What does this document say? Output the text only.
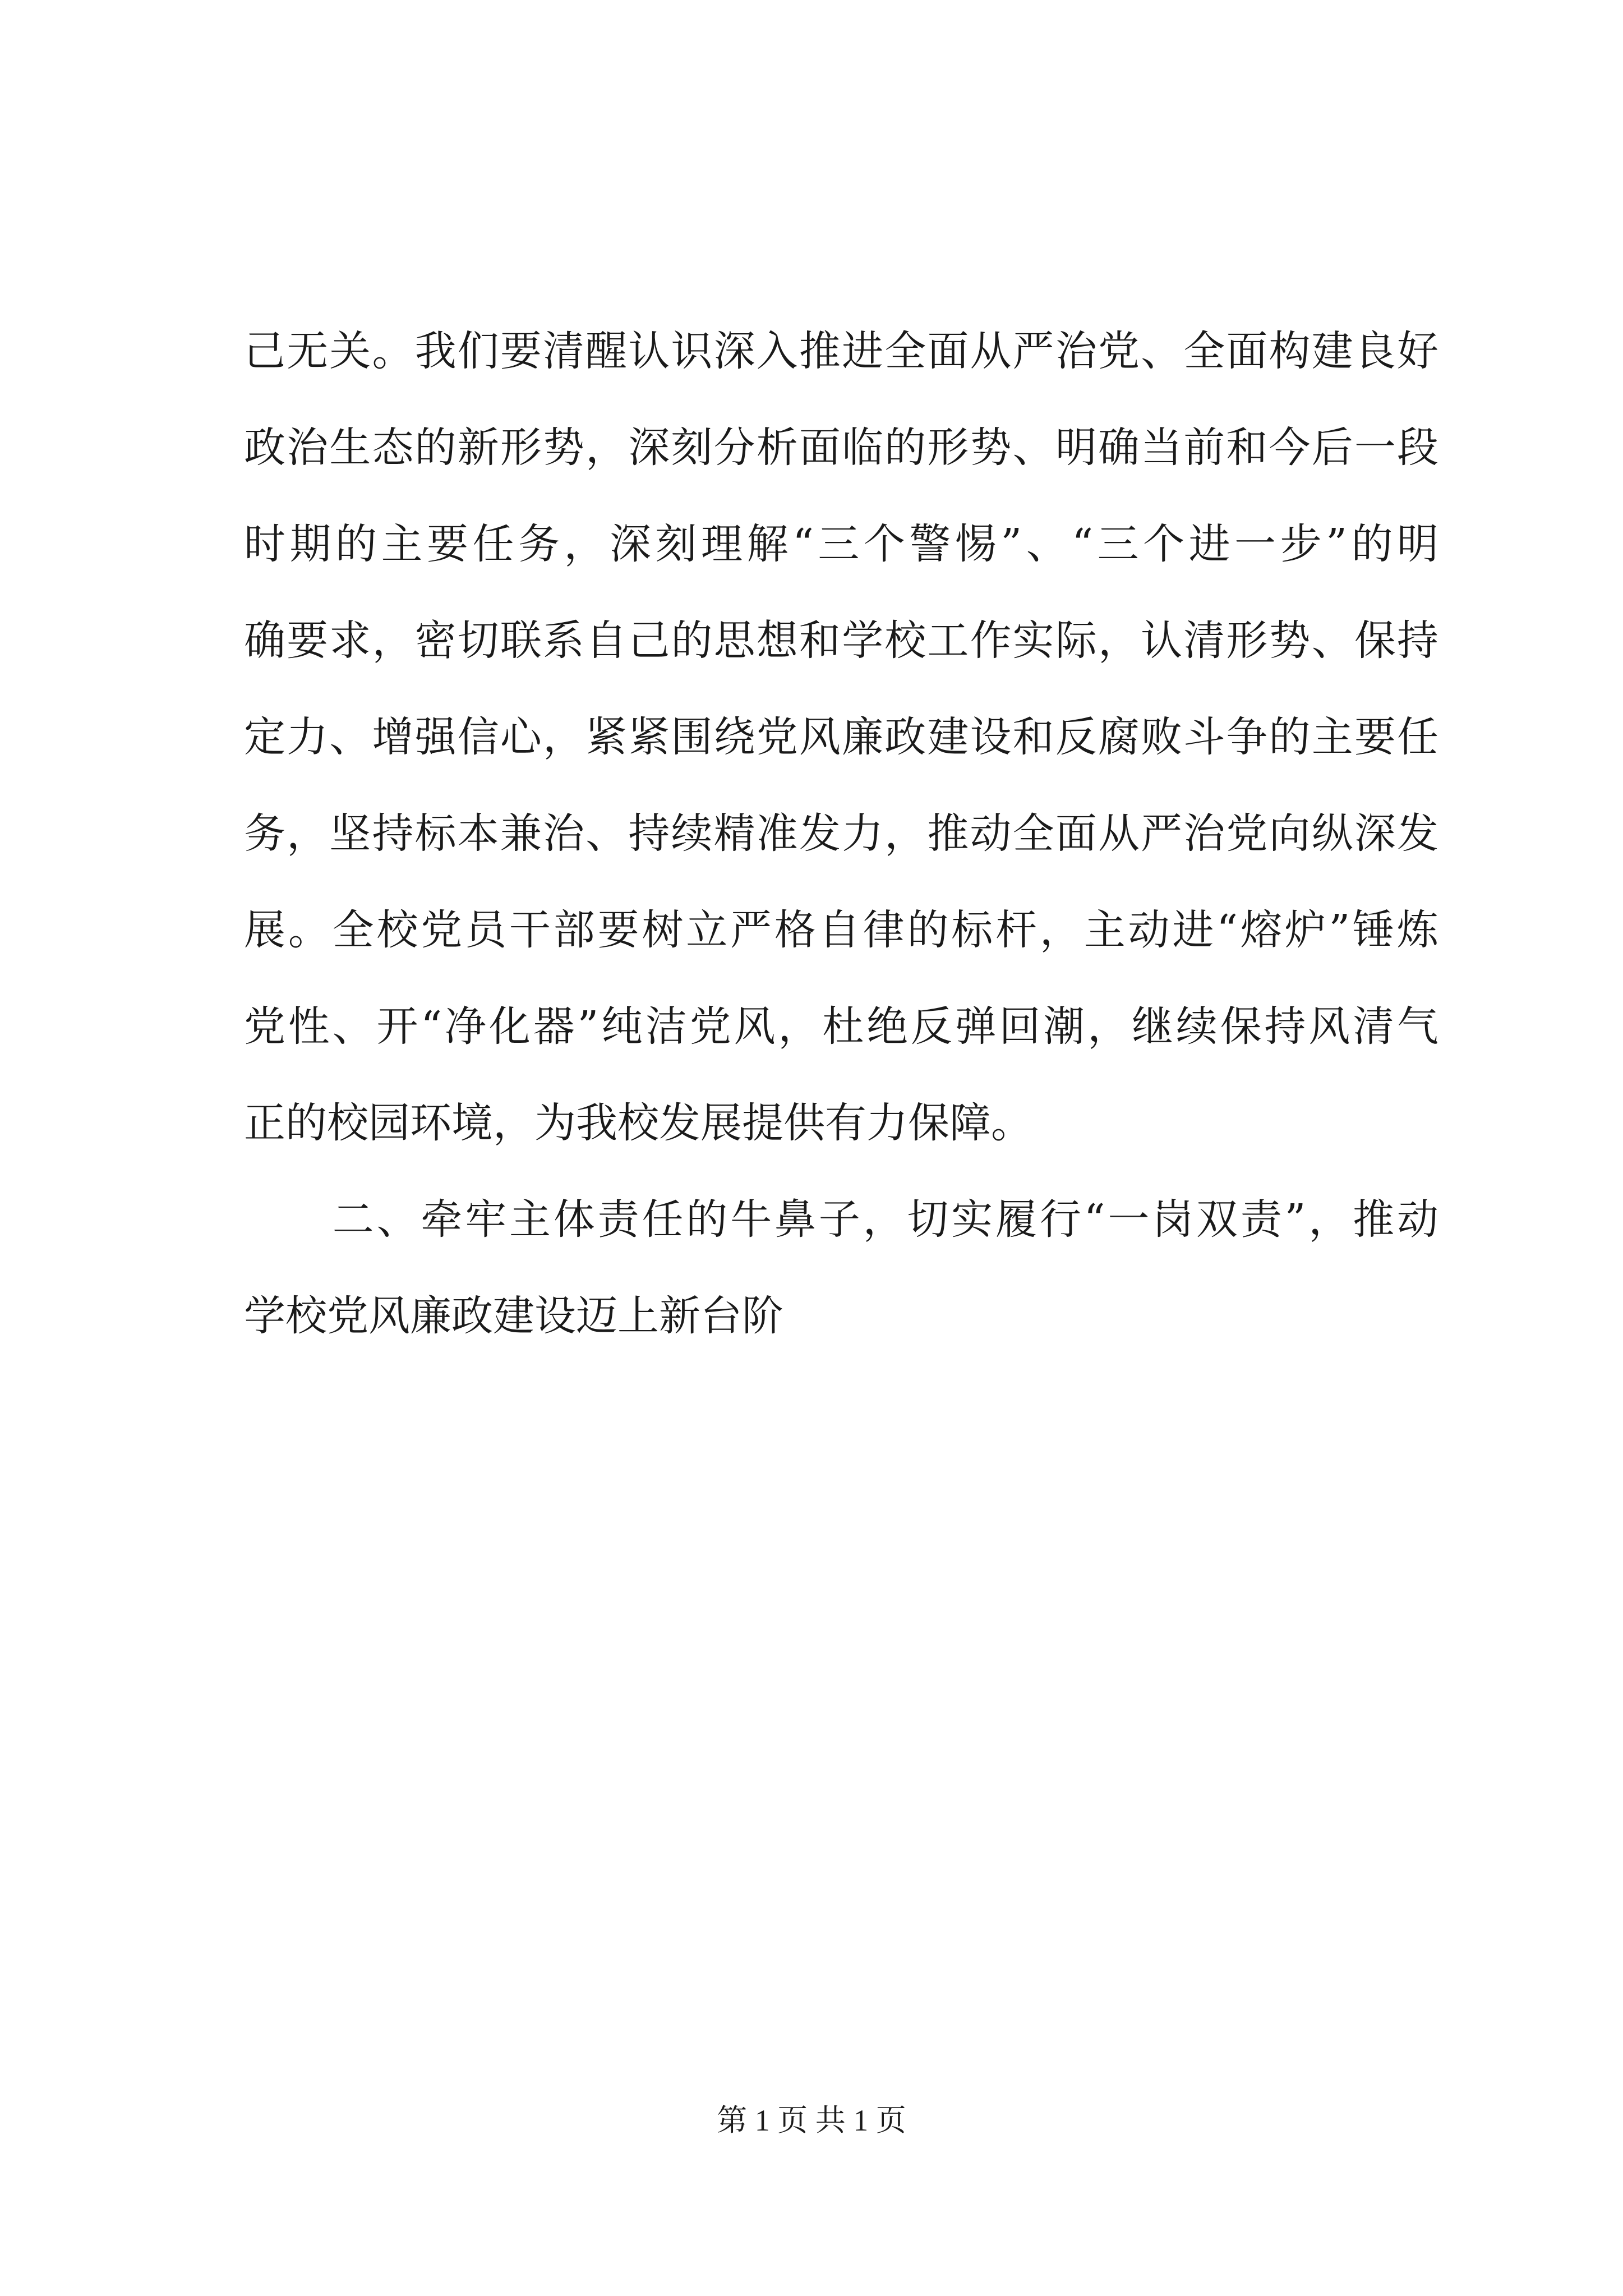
己无关。我们要清醒认识深入推进全面从严治党、全面构建良好
政治生态的新形势，深刻分析面临的形势、明确当前和今后一段
时期的主要任务，深刻理解“三个警惕”、“三个进一步”的明
确要求，密切联系自己的思想和学校工作实际，认清形势、保持
定力、增强信心，紧紧围绕党风廉政建设和反腐败斗争的主要任
务，坚持标本兼治、持续精准发力，推动全面从严治党向纵深发
展。全校党员干部要树立严格自律的标杆，主动进“熔炉”锤炼
党性、开“净化器”纯洁党风，杜绝反弹回潮，继续保持风清气
正的校园环境，为我校发展提供有力保障。
　　二、牵牢主体责任的牛鼻子，切实履行“一岗双责”，推动
学校党风廉政建设迈上新台阶
第 1 页 共 1 页
